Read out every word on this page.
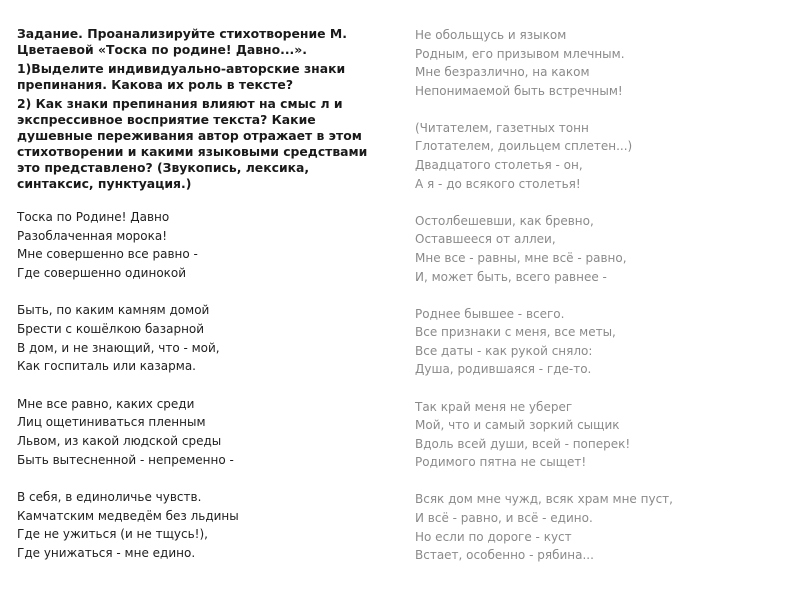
Задание. Проанализируйте стихотворение М. Цветаевой «Тоска по родине! Давно...».

1)Выделите индивидуально-авторские знаки препинания. Какова их роль в тексте?

2) Как знаки препинания влияют на смыс л и экспрессивное восприятие текста? Какие душевные переживания автор отражает в этом стихотворении и какими языковыми средствами это представлено? (Звукопись, лексика, синтаксис, пунктуация.)

Тоска по Родине! Давно
Разоблаченная морока!
Мне совершенно все равно -
Где совершенно одинокой
Быть, по каким камням домой
Брести с кошёлкою базарной
В дом, и не знающий, что - мой,
Как госпиталь или казарма.
Мне все равно, каких среди
Лиц ощетиниваться пленным
Львом, из какой людской среды
Быть вытесненной - непременно -
В себя, в единоличье чувств.
Камчатским медведём без льдины
Где не ужиться (и не тщусь!),
Где унижаться - мне едино.
Не обольщусь и языком
Родным, его призывом млечным.
Мне безразлично, на каком
Непонимаемой быть встречным!
(Читателем, газетных тонн
Глотателем, доильцем сплетен...)
Двадцатого столетья - он,
А я - до всякого столетья!
Остолбешевши, как бревно,
Оставшееся от аллеи,
Мне все - равны, мне всё - равно,
И, может быть, всего равнее -
Роднее бывшее - всего.
Все признаки с меня, все меты,
Все даты - как рукой сняло:
Душа, родившаяся - где-то.
Так край меня не уберег
Мой, что и самый зоркий сыщик
Вдоль всей души, всей - поперек!
Родимого пятна не сыщет!
Всяк дом мне чужд, всяк храм мне пуст,
И всё - равно, и всё - едино.
Но если по дороге - куст
Встает, особенно - рябина...
